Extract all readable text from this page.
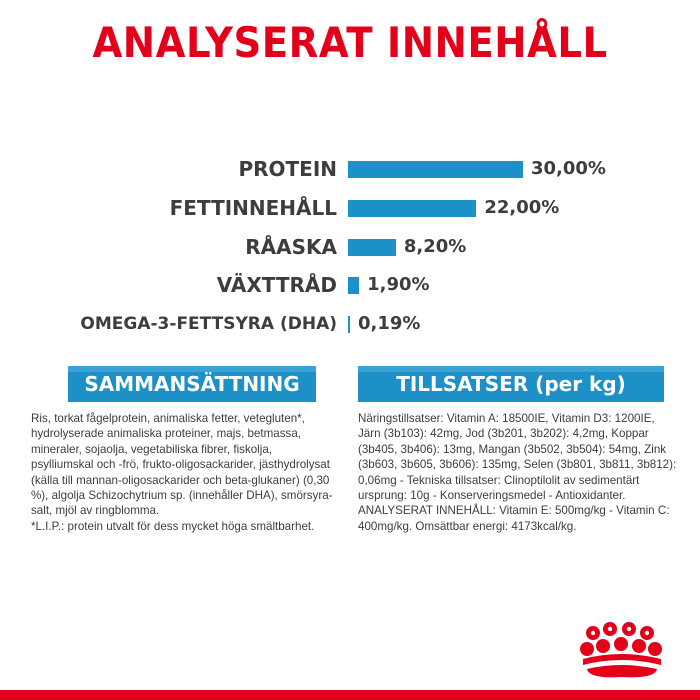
ANALYSERAT INNEHÅLL
PROTEIN	30,00%
FETTINNEHÅLL	22,00%
RÅASKA	8,20%
VÄXTTRÅD 1,90%
OMEGA-3-FETTSYRA (DHA) 0,19%
SAMMANSÄTTNING	TILLSATSER (per kg)
Ris, torkat fågelprotein, animaliska fetter, vetegluten*,
hydrolyserade animaliska proteiner, majs, betmassa,
mineraler, sojaolja, vegetabiliska fibrer, fiskolja,
psylliumskal och -frö, frukto-oligosackarider, jästhydrolysat
(källa till mannan-oligosackarider och beta-glukaner) (0,30
%), algolja Schizochytrium sp. (innehåller DHA), smörsyra-
salt, mjöl av ringblomma.
*L.I.P.: protein utvalt för dess mycket höga smältbarhet.
Näringstillsatser: Vitamin A: 18500IE, Vitamin D3: 1200IE,
Järn (3b103): 42mg, Jod (3b201, 3b202): 4,2mg, Koppar
(3b405, 3b406): 13mg, Mangan (3b502, 3b504): 54mg, Zink
(3b603, 3b605, 3b606): 135mg, Selen (3b801, 3b811, 3b812):
0,06mg - Tekniska tillsatser: Clinoptilolit av sedimentärt
ursprung: 10g - Konserveringsmedel - Antioxidanter.
ANALYSERAT INNEHÅLL: Vitamin E: 500mg/kg - Vitamin C:
400mg/kg. Omsättbar energi: 4173kcal/kg.
